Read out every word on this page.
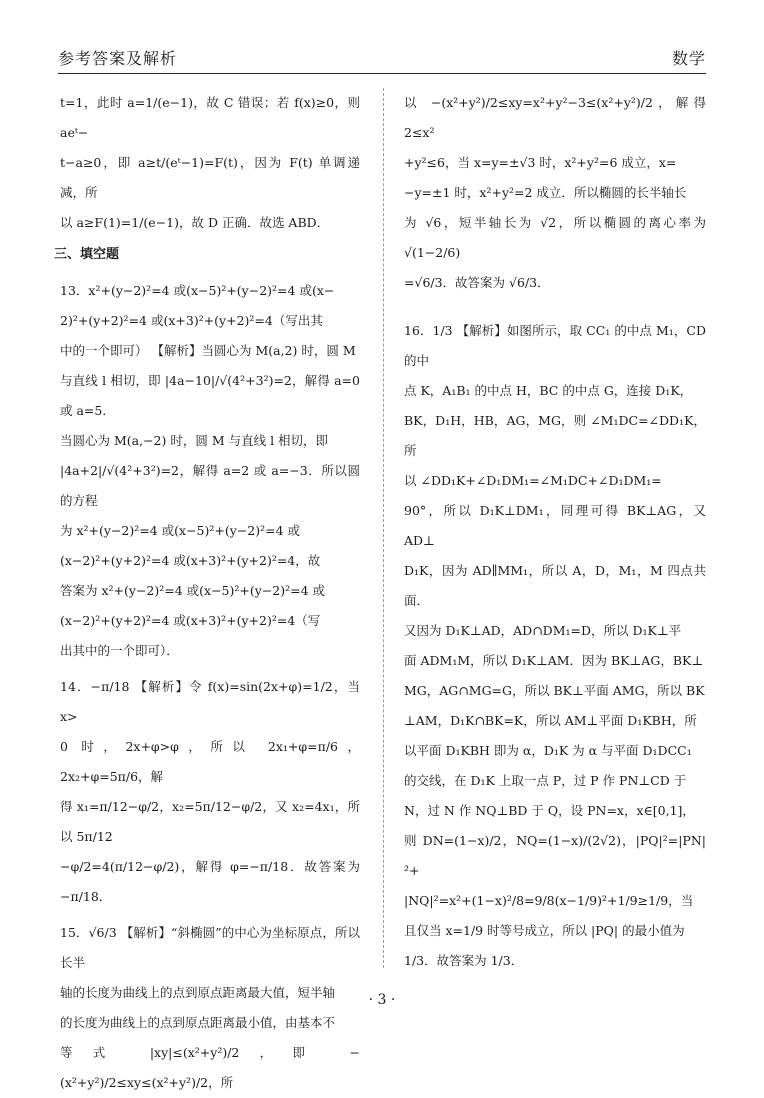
参考答案及解析	数学

t=1，此时 a=1/(e−1)，故 C 错误；若 f(x)≥0，则 aeᵗ−

t−a≥0，即 a≥t/(eᵗ−1)=F(t)，因为 F(t) 单调递减，所

以 a≥F(1)=1/(e−1)，故 D 正确．故选 ABD．

三、填空题

13．x²+(y−2)²=4 或(x−5)²+(y−2)²=4 或(x−

2)²+(y+2)²=4 或(x+3)²+(y+2)²=4（写出其

中的一个即可） 【解析】当圆心为 M(a,2) 时，圆 M

与直线 l 相切，即 |4a−10|/√(4²+3²)=2，解得 a=0 或 a=5．

当圆心为 M(a,−2) 时，圆 M 与直线 l 相切，即

|4a+2|/√(4²+3²)=2，解得 a=2 或 a=−3．所以圆的方程

为 x²+(y−2)²=4 或(x−5)²+(y−2)²=4 或

(x−2)²+(y+2)²=4 或(x+3)²+(y+2)²=4，故

答案为 x²+(y−2)²=4 或(x−5)²+(y−2)²=4 或

(x−2)²+(y+2)²=4 或(x+3)²+(y+2)²=4（写

出其中的一个即可）．

14．−π/18 【解析】令 f(x)=sin(2x+φ)=1/2，当 x>

0 时，2x+φ>φ，所以 2x₁+φ=π/6，2x₂+φ=5π/6，解

得 x₁=π/12−φ/2，x₂=5π/12−φ/2，又 x₂=4x₁，所以 5π/12

−φ/2=4(π/12−φ/2)，解得 φ=−π/18．故答案为 −π/18．

15．√6/3 【解析】“斜椭圆”的中心为坐标原点，所以长半

轴的长度为曲线上的点到原点距离最大值，短半轴

的长度为曲线上的点到原点距离最小值，由基本不

等式 |xy|≤(x²+y²)/2，即 −(x²+y²)/2≤xy≤(x²+y²)/2，所

以 −(x²+y²)/2≤xy=x²+y²−3≤(x²+y²)/2，解得 2≤x²

+y²≤6，当 x=y=±√3 时，x²+y²=6 成立，x=

−y=±1 时，x²+y²=2 成立．所以椭圆的长半轴长

为 √6，短半轴长为 √2，所以椭圆的离心率为 √(1−2/6)

=√6/3．故答案为 √6/3．

16．1/3 【解析】如图所示，取 CC₁ 的中点 M₁，CD 的中

点 K，A₁B₁ 的中点 H，BC 的中点 G，连接 D₁K，

BK，D₁H，HB，AG，MG，则 ∠M₁DC=∠DD₁K，所

以 ∠DD₁K+∠D₁DM₁=∠M₁DC+∠D₁DM₁=

90°，所以 D₁K⊥DM₁，同理可得 BK⊥AG，又 AD⊥

D₁K，因为 AD∥MM₁，所以 A，D，M₁，M 四点共面．

又因为 D₁K⊥AD，AD∩DM₁=D，所以 D₁K⊥平

面 ADM₁M，所以 D₁K⊥AM．因为 BK⊥AG，BK⊥

MG，AG∩MG=G，所以 BK⊥平面 AMG，所以 BK

⊥AM，D₁K∩BK=K，所以 AM⊥平面 D₁KBH，所

以平面 D₁KBH 即为 α，D₁K 为 α 与平面 D₁DCC₁

的交线，在 D₁K 上取一点 P，过 P 作 PN⊥CD 于

N，过 N 作 NQ⊥BD 于 Q，设 PN=x，x∈[0,1]，

则 DN=(1−x)/2，NQ=(1−x)/(2√2)，|PQ|²=|PN|²+

|NQ|²=x²+(1−x)²/8=9/8(x−1/9)²+1/9≥1/9，当

且仅当 x=1/9 时等号成立，所以 |PQ| 的最小值为

1/3．故答案为 1/3．

· 3 ·
